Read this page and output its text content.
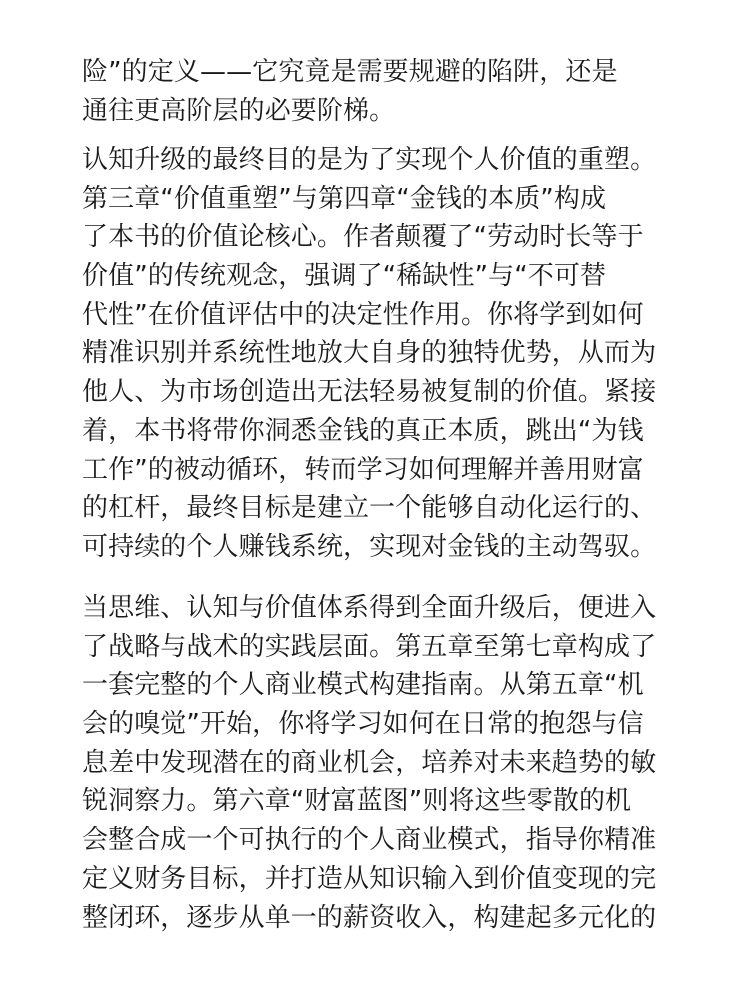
险”的定义——它究竟是需要规避的陷阱，还是
通往更高阶层的必要阶梯。

认知升级的最终目的是为了实现个人价值的重塑。
第三章“价值重塑”与第四章“金钱的本质”构成
了本书的价值论核心。作者颠覆了“劳动时长等于
价值”的传统观念，强调了“稀缺性”与“不可替
代性”在价值评估中的决定性作用。你将学到如何
精准识别并系统性地放大自身的独特优势，从而为
他人、为市场创造出无法轻易被复制的价值。紧接
着，本书将带你洞悉金钱的真正本质，跳出“为钱
工作”的被动循环，转而学习如何理解并善用财富
的杠杆，最终目标是建立一个能够自动化运行的、
可持续的个人赚钱系统，实现对金钱的主动驾驭。

当思维、认知与价值体系得到全面升级后，便进入
了战略与战术的实践层面。第五章至第七章构成了
一套完整的个人商业模式构建指南。从第五章“机
会的嗅觉”开始，你将学习如何在日常的抱怨与信
息差中发现潜在的商业机会，培养对未来趋势的敏
锐洞察力。第六章“财富蓝图”则将这些零散的机
会整合成一个可执行的个人商业模式，指导你精准
定义财务目标，并打造从知识输入到价值变现的完
整闭环，逐步从单一的薪资收入，构建起多元化的
